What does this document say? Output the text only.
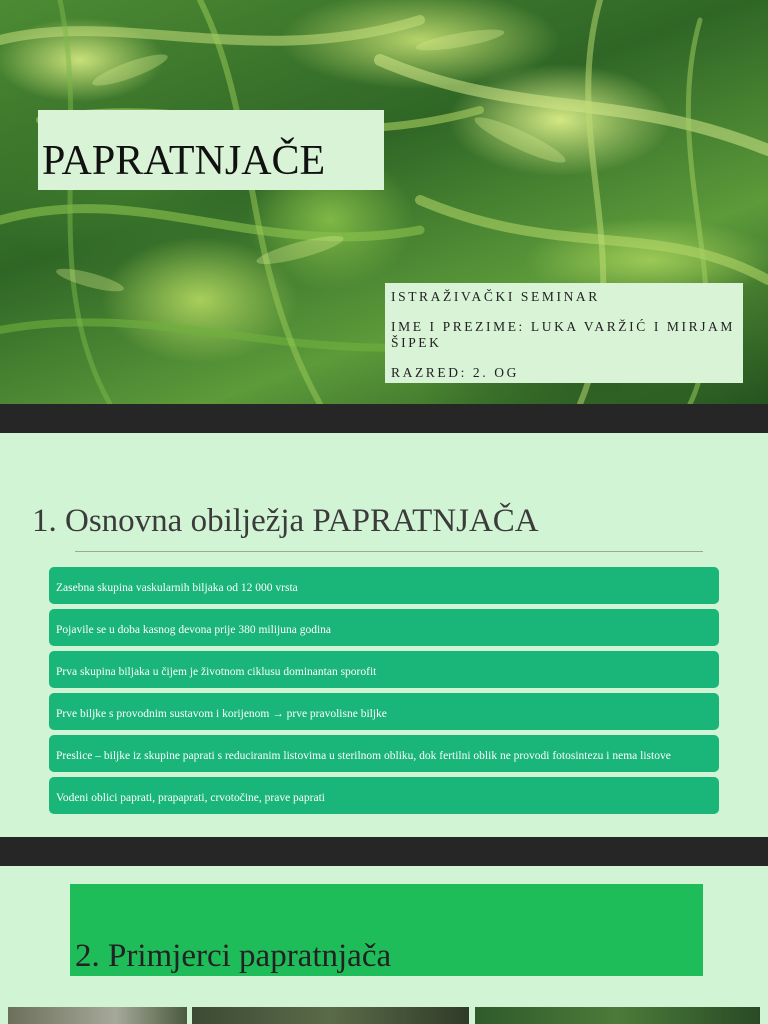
PAPRATNJAČE

ISTRAŽIVAČKI SEMINAR

IME I PREZIME: LUKA VARŽIĆ I MIRJAM ŠIPEK

RAZRED: 2. OG

1. Osnovna obilježja PAPRATNJAČA
Zasebna skupina vaskularnih biljaka od 12 000 vrsta
Pojavile se u doba kasnog devona prije 380 milijuna godina
Prva skupina biljaka u čijem je životnom ciklusu dominantan sporofit
Prve biljke s provodnim sustavom i korijenom → prve pravolisne biljke
Preslice – biljke iz skupine paprati s reduciranim listovima u sterilnom obliku, dok fertilni oblik ne provodi fotosintezu i nema listove
Vodeni oblici paprati, prapaprati, crvotočine, prave paprati
2. Primjerci papratnjača
